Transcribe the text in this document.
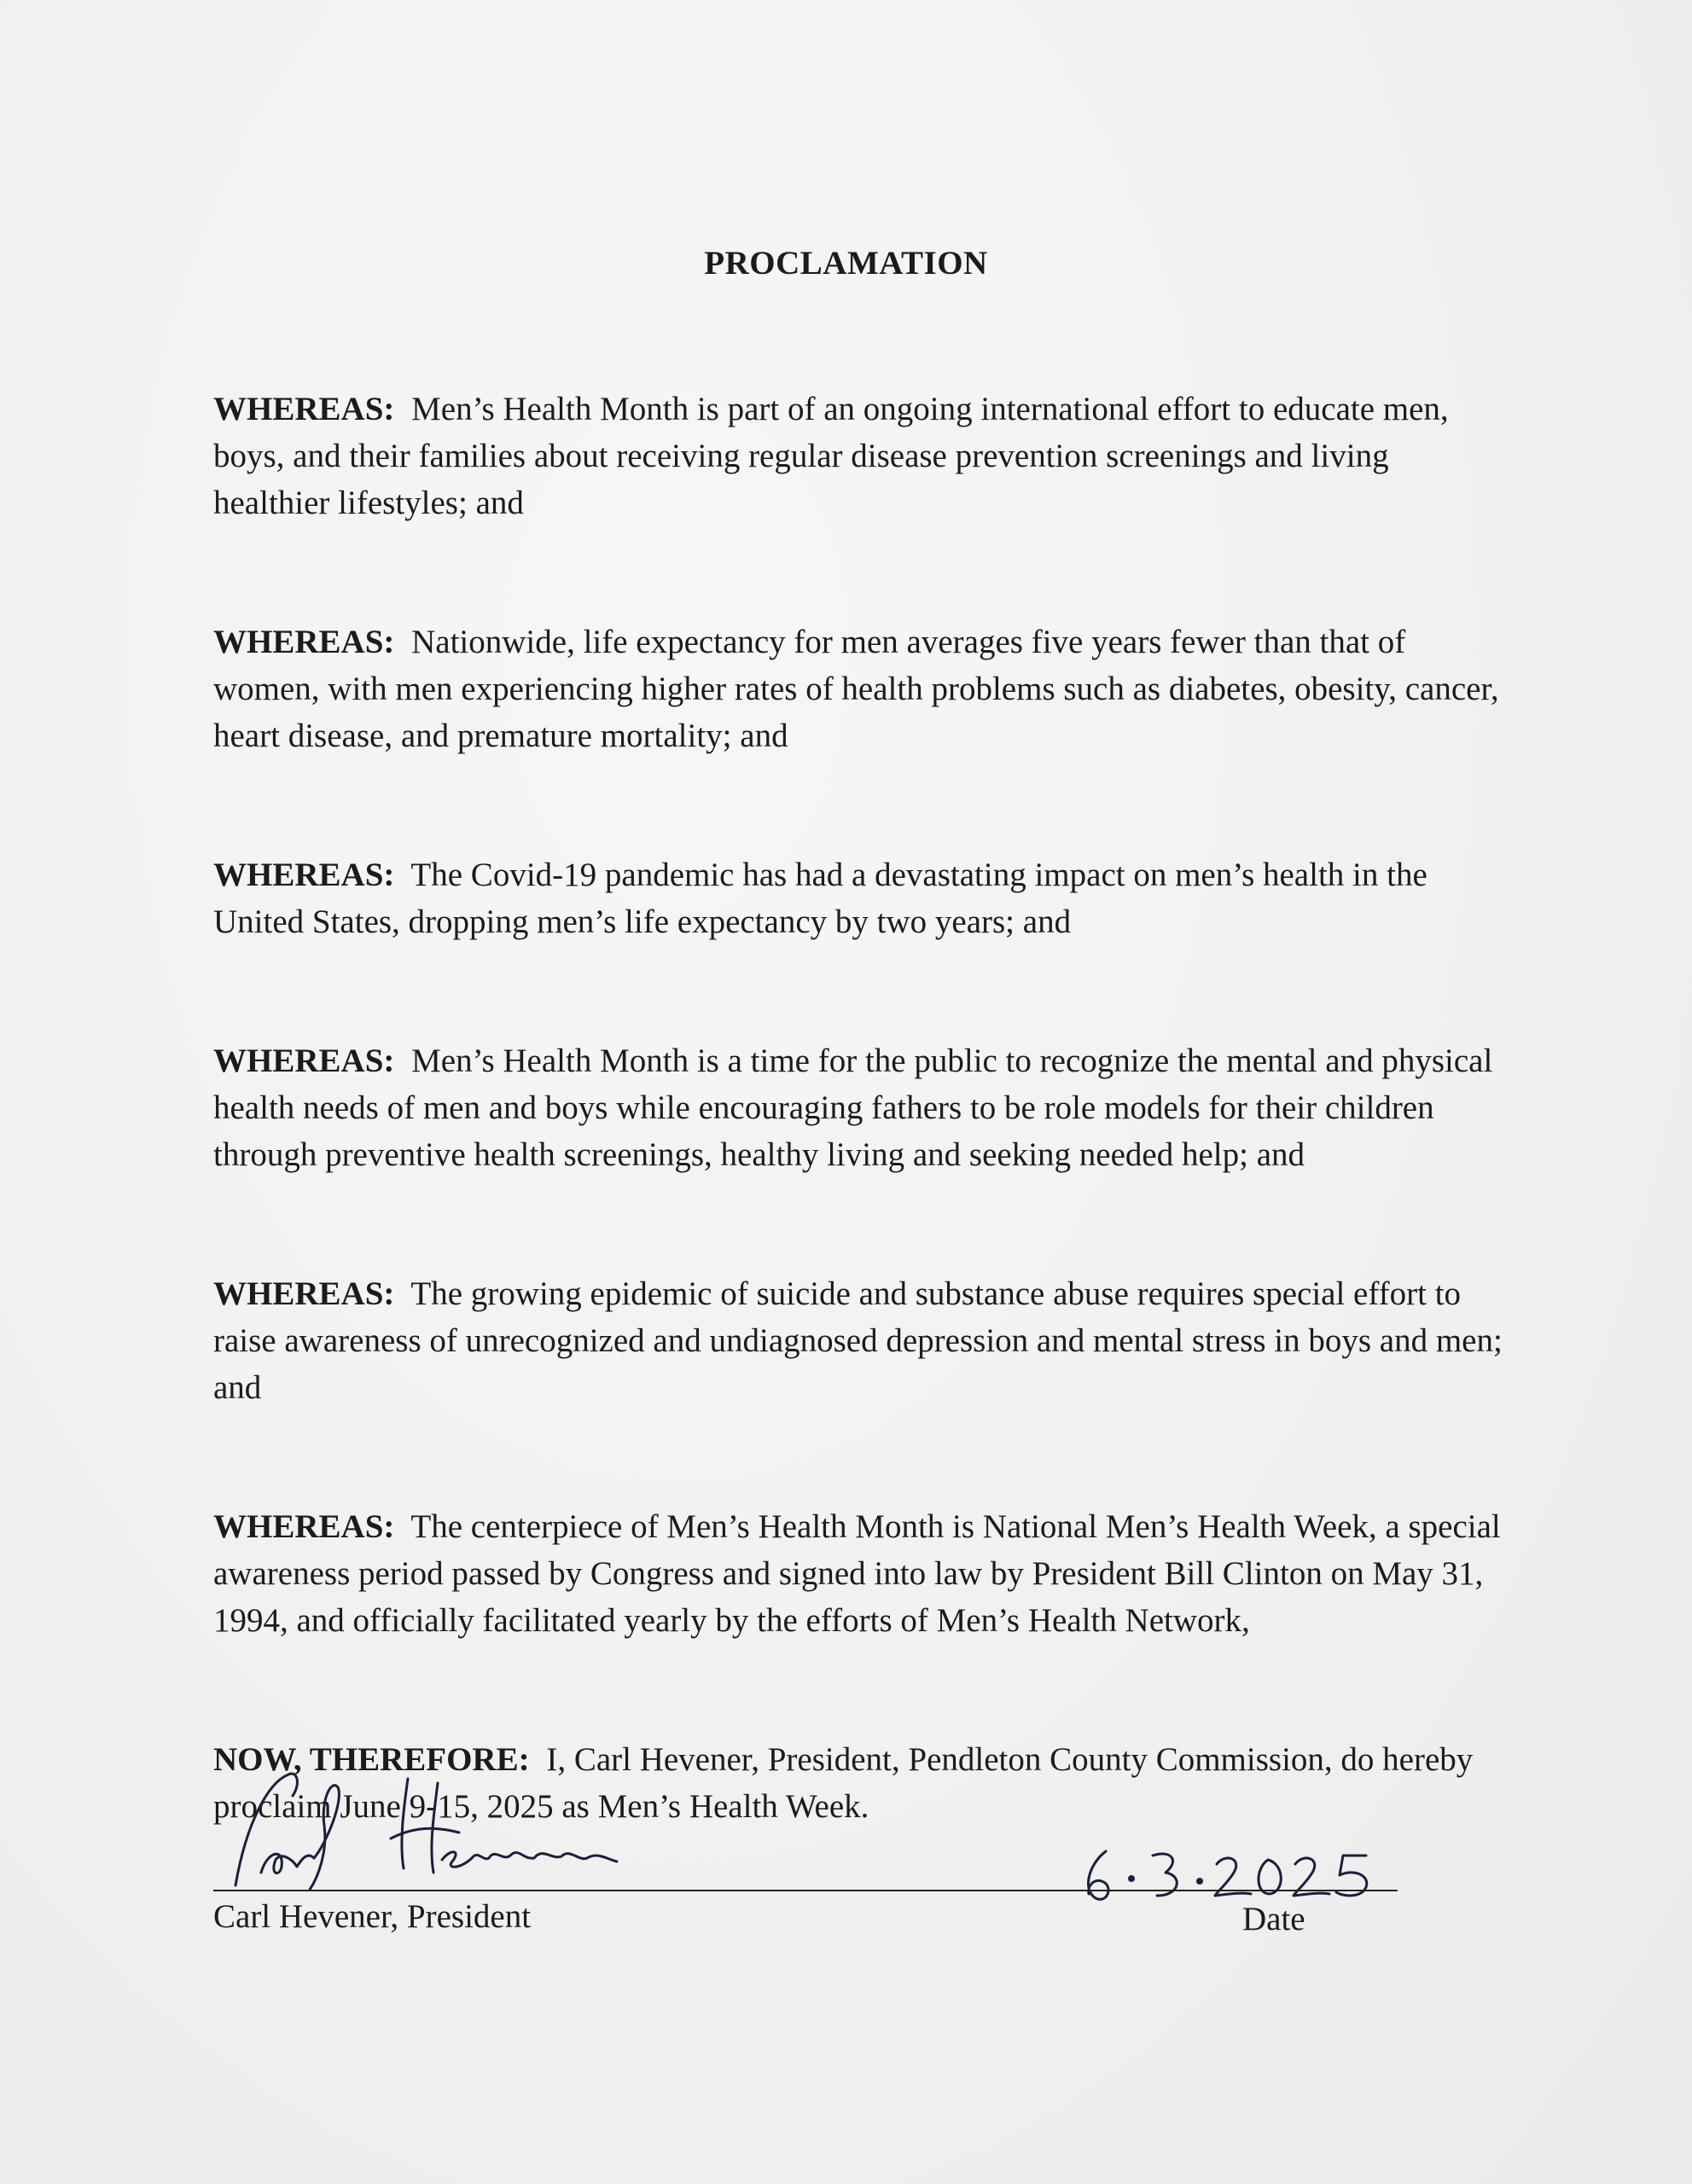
PROCLAMATION

WHEREAS: Men’s Health Month is part of an ongoing international effort to educate men, boys, and their families about receiving regular disease prevention screenings and living healthier lifestyles; and

WHEREAS: Nationwide, life expectancy for men averages five years fewer than that of women, with men experiencing higher rates of health problems such as diabetes, obesity, cancer, heart disease, and premature mortality; and

WHEREAS: The Covid-19 pandemic has had a devastating impact on men’s health in the United States, dropping men’s life expectancy by two years; and

WHEREAS: Men’s Health Month is a time for the public to recognize the mental and physical health needs of men and boys while encouraging fathers to be role models for their children through preventive health screenings, healthy living and seeking needed help; and

WHEREAS: The growing epidemic of suicide and substance abuse requires special effort to raise awareness of unrecognized and undiagnosed depression and mental stress in boys and men; and

WHEREAS: The centerpiece of Men’s Health Month is National Men’s Health Week, a special awareness period passed by Congress and signed into law by President Bill Clinton on May 31, 1994, and officially facilitated yearly by the efforts of Men’s Health Network,

NOW, THEREFORE: I, Carl Hevener, President, Pendleton County Commission, do hereby proclaim June 9-15, 2025 as Men’s Health Week.

Carl Hevener, President	Date
